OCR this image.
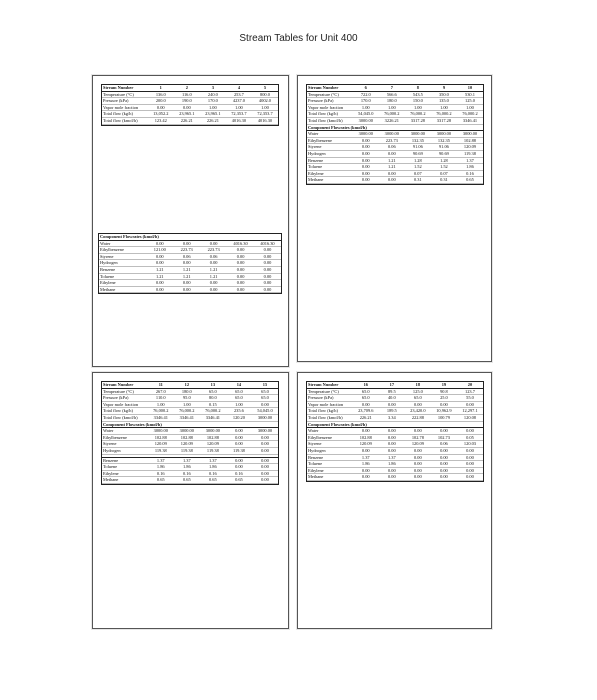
Stream Tables for Unit 400
Stream Number	1	2	3	4	5
Temperature (°C)	136.0	116.0	240.0	253.7	800.0
Pressure (kPa)	200.0	190.0	170.0	4237.0	4002.0
Vapor mole fraction	0.00	0.00	1.00	1.00	1.00
Total flow (kg/h)	13,052.2	23,965.1	23,965.1	72,353.7	72,353.7
Total flow (kmol/h)	123.42	226.21	226.21	4016.30	4016.30
Component Flowrates (kmol/h)					
Water	0.00	0.00	0.00	4016.30	4016.30
Ethylbenzene	121.00	223.73	223.73	0.00	0.00
Styrene	0.00	0.06	0.06	0.00	0.00
Hydrogen	0.00	0.00	0.00	0.00	0.00
Benzene	1.21	1.21	1.21	0.00	0.00
Toluene	1.21	1.21	1.21	0.00	0.00
Ethylene	0.00	0.00	0.00	0.00	0.00
Methane	0.00	0.00	0.00	0.00	0.00
Stream Number	6	7	8	9	10
Temperature (°C)	722.0	566.6	543.5	350.0	530.1
Pressure (kPa)	170.0	180.0	150.0	135.0	125.0
Vapor mole fraction	1.00	1.00	1.00	1.00	1.00
Total flow (kg/h)	54,045.0	76,000.2	76,000.2	76,000.2	76,000.2
Total flow (kmol/h)	3000.00	3226.21	3317.28	3317.28	3346.41
Component Flowrates (kmol/h)					
Water	3000.00	3000.00	3000.00	3000.00	3000.00
Ethylbenzene	0.00	223.73	132.35	132.35	102.88
Styrene	0.00	0.06	91.06	91.06	120.09
Hydrogen	0.00	0.00	90.69	90.69	119.38
Benzene	0.00	1.21	1.28	1.28	1.37
Toluene	0.00	1.21	1.52	1.52	1.86
Ethylene	0.00	0.00	0.07	0.07	0.16
Methane	0.00	0.00	0.31	0.31	0.65
Stream Number	11	12	13	14	15
Temperature (°C)	267.0	180.0	65.0	65.0	65.0
Pressure (kPa)	110.0	95.0	80.0	65.0	65.0
Vapor mole fraction	1.00	1.00	0.15	1.00	0.00
Total flow (kg/h)	76,000.2	76,000.2	76,000.2	235.6	54,045.0
Total flow (kmol/h)	3346.41	3346.41	3346.41	120.20	3000.00
Component Flowrates (kmol/h)					
Water	3000.00	3000.00	3000.00	0.00	3000.00
Ethylbenzene	102.88	102.88	102.88	0.00	0.00
Styrene	120.09	120.09	120.09	0.00	0.00
Hydrogen	119.38	119.38	119.38	119.38	0.00

Benzene	1.37	1.37	1.37	0.00	0.00
Toluene	1.86	1.86	1.86	0.00	0.00
Ethylene	0.16	0.16	0.16	0.16	0.00
Methane	0.65	0.65	0.65	0.65	0.00
Stream Number	16	17	18	19	20
Temperature (°C)	65.0	89.5	125.0	90.8	123.7
Pressure (kPa)	65.0	40.0	65.0	25.0	55.0
Vapor mole fraction	0.00	0.00	0.00	0.00	0.00
Total flow (kg/h)	23,709.6	189.5	23,420.0	10,962.9	12,297.1
Total flow (kmol/h)	226.21	3.34	222.88	100.79	120.08
Component Flowrates (kmol/h)					
Water	0.00	0.00	0.00	0.00	0.00
Ethylbenzene	102.88	0.00	102.78	102.73	0.05
Styrene	120.09	0.00	120.09	0.06	120.03
Hydrogen	0.00	0.00	0.00	0.00	0.00
Benzene	1.37	1.37	0.00	0.00	0.00
Toluene	1.86	1.86	0.00	0.00	0.00
Ethylene	0.00	0.00	0.00	0.00	0.00
Methane	0.00	0.00	0.00	0.00	0.00
